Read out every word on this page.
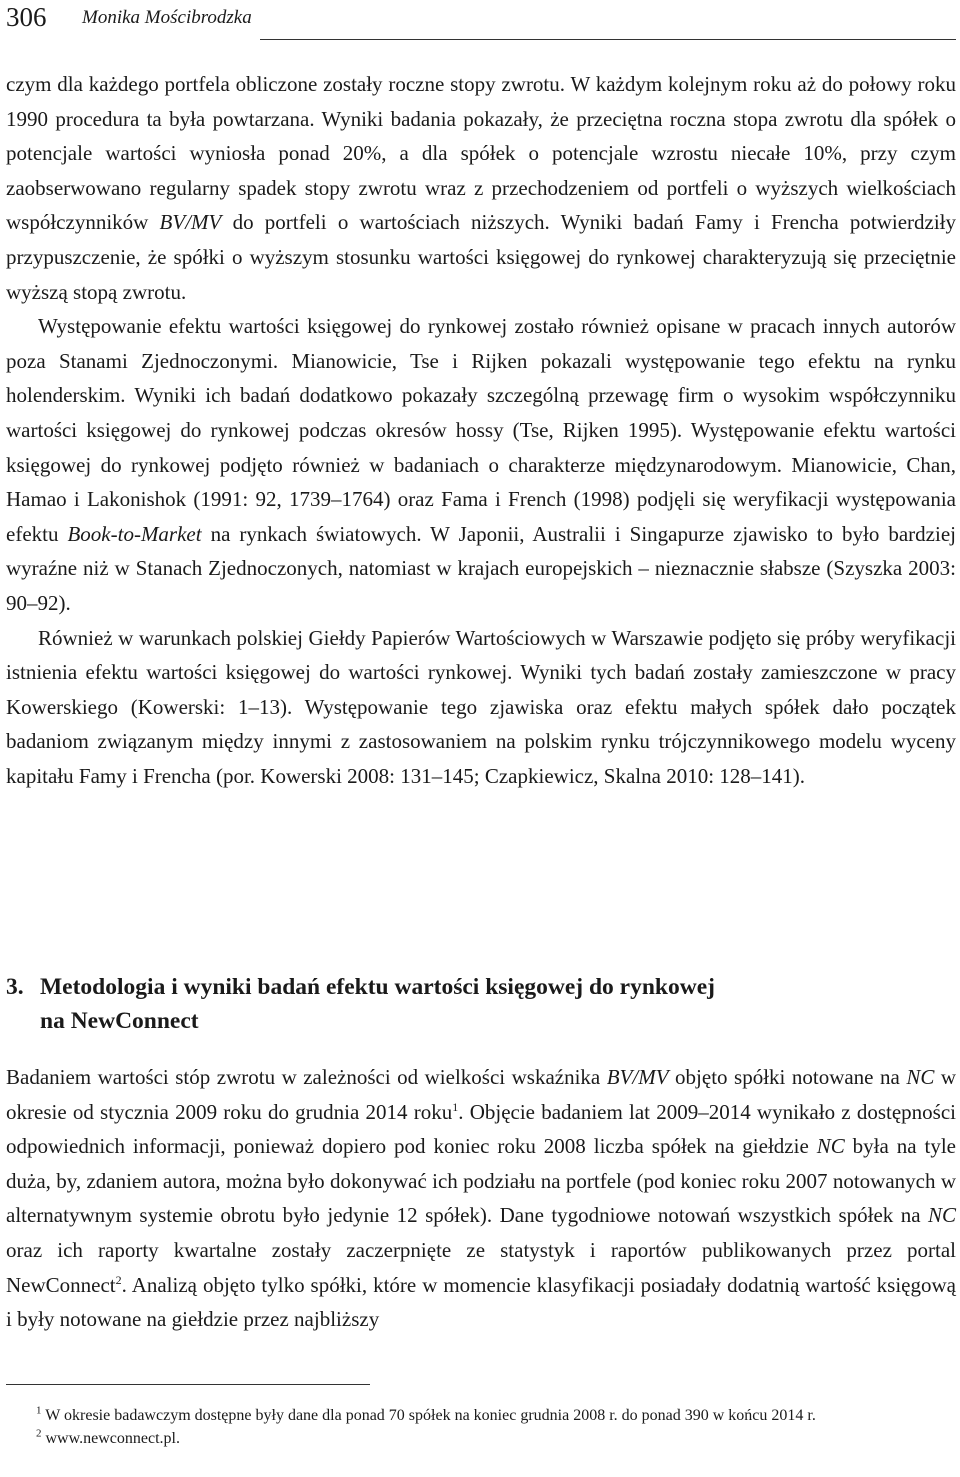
306 Monika Mościbrodzka

czym dla każdego portfela obliczone zostały roczne stopy zwrotu. W każdym kolejnym roku aż do połowy roku 1990 procedura ta była powtarzana. Wyniki badania pokazały, że przeciętna roczna stopa zwrotu dla spółek o potencjale wartości wyniosła ponad 20%, a dla spółek o potencjale wzrostu niecałe 10%, przy czym zaobserwowano regularny spadek stopy zwrotu wraz z przechodzeniem od portfeli o wyższych wielkościach współczynników BV/MV do portfeli o wartościach niższych. Wyniki badań Famy i Frencha potwierdziły przypuszczenie, że spółki o wyższym stosunku wartości księgowej do rynkowej charakteryzują się przeciętnie wyższą stopą zwrotu.

Występowanie efektu wartości księgowej do rynkowej zostało również opisane w pracach innych autorów poza Stanami Zjednoczonymi. Mianowicie, Tse i Rijken pokazali występowanie tego efektu na rynku holenderskim. Wyniki ich badań dodatkowo pokazały szczególną przewagę firm o wysokim współczynniku wartości księgowej do rynkowej podczas okresów hossy (Tse, Rijken 1995). Występowanie efektu wartości księgowej do rynkowej podjęto również w badaniach o charakterze międzynarodowym. Mianowicie, Chan, Hamao i Lakonishok (1991: 92, 1739–1764) oraz Fama i French (1998) podjęli się weryfikacji występowania efektu Book-to-Market na rynkach światowych. W Japonii, Australii i Singapurze zjawisko to było bardziej wyraźne niż w Stanach Zjednoczonych, natomiast w krajach europejskich – nieznacznie słabsze (Szyszka 2003: 90–92).

Również w warunkach polskiej Giełdy Papierów Wartościowych w Warszawie podjęto się próby weryfikacji istnienia efektu wartości księgowej do wartości rynkowej. Wyniki tych badań zostały zamieszczone w pracy Kowerskiego (Kowerski: 1–13). Występowanie tego zjawiska oraz efektu małych spółek dało początek badaniom związanym między innymi z zastosowaniem na polskim rynku trójczynnikowego modelu wyceny kapitału Famy i Frencha (por. Kowerski 2008: 131–145; Czapkiewicz, Skalna 2010: 128–141).

3. Metodologia i wyniki badań efektu wartości księgowej do rynkowej
na NewConnect

Badaniem wartości stóp zwrotu w zależności od wielkości wskaźnika BV/MV objęto spółki notowane na NC w okresie od stycznia 2009 roku do grudnia 2014 roku$^1$. Objęcie badaniem lat 2009–2014 wynikało z dostępności odpowiednich informacji, ponieważ dopiero pod koniec roku 2008 liczba spółek na giełdzie NC była na tyle duża, by, zdaniem autora, można było dokonywać ich podziału na portfele (pod koniec roku 2007 notowanych w alternatywnym systemie obrotu było jedynie 12 spółek). Dane tygodniowe notowań wszystkich spółek na NC oraz ich raporty kwartalne zostały zaczerpnięte ze statystyk i raportów publikowanych przez portal NewConnect$^2$. Analizą objęto tylko spółki, które w momencie klasyfikacji posiadały dodatnią wartość księgową i były notowane na giełdzie przez najbliższy

$^1$ W okresie badawczym dostępne były dane dla ponad 70 spółek na koniec grudnia 2008 r. do ponad 390 w końcu 2014 r.

$^2$ www.newconnect.pl.
